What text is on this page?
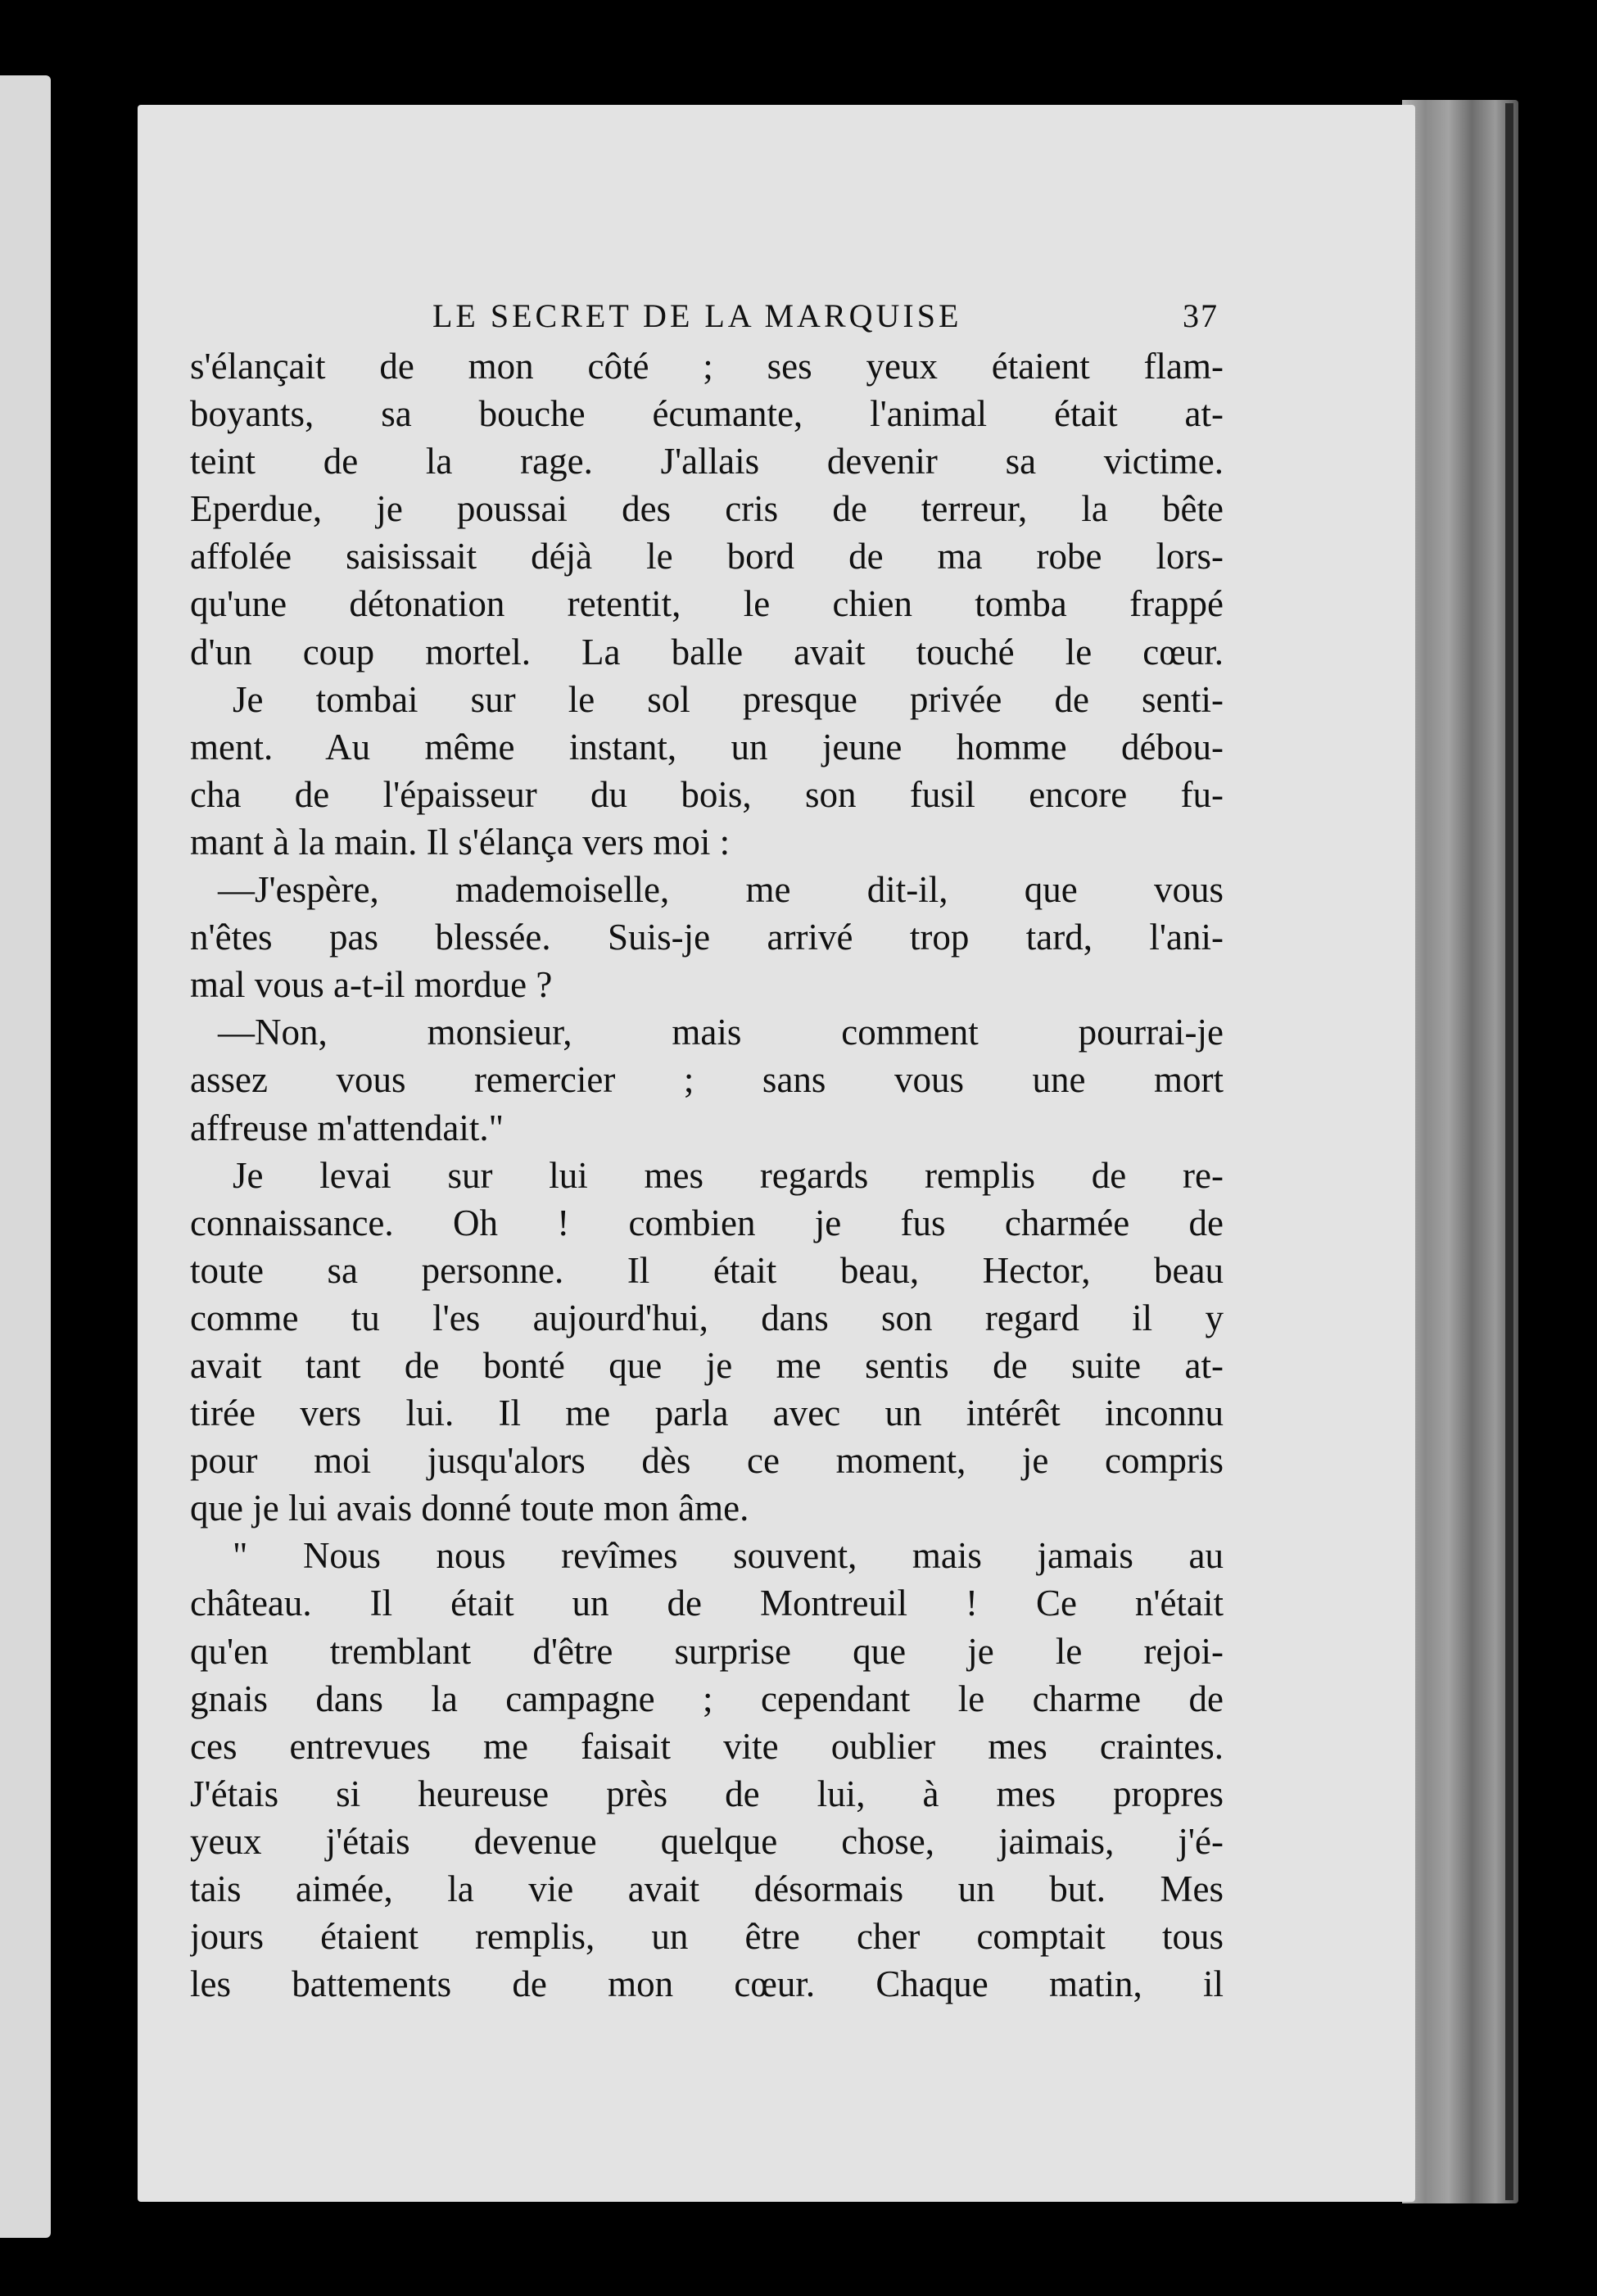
LE SECRET DE LA MARQUISE	37
s'élançait de mon côté ; ses yeux étaient flam-
boyants, sa bouche écumante, l'animal était at-
teint de la rage. J'allais devenir sa victime.
Eperdue, je poussai des cris de terreur, la bête
affolée saisissait déjà le bord de ma robe lors-
qu'une détonation retentit, le chien tomba frappé
d'un coup mortel. La balle avait touché le cœur.
Je tombai sur le sol presque privée de senti-
ment. Au même instant, un jeune homme débou-
cha de l'épaisseur du bois, son fusil encore fu-
mant à la main. Il s'élança vers moi :
—J'espère, mademoiselle, me dit-il, que vous
n'êtes pas blessée. Suis-je arrivé trop tard, l'ani-
mal vous a-t-il mordue ?
—Non, monsieur, mais comment pourrai-je
assez vous remercier ; sans vous une mort
affreuse m'attendait."
Je levai sur lui mes regards remplis de re-
connaissance. Oh ! combien je fus charmée de
toute sa personne. Il était beau, Hector, beau
comme tu l'es aujourd'hui, dans son regard il y
avait tant de bonté que je me sentis de suite at-
tirée vers lui. Il me parla avec un intérêt inconnu
pour moi jusqu'alors dès ce moment, je compris
que je lui avais donné toute mon âme.
" Nous nous revîmes souvent, mais jamais au
château. Il était un de Montreuil ! Ce n'était
qu'en tremblant d'être surprise que je le rejoi-
gnais dans la campagne ; cependant le charme de
ces entrevues me faisait vite oublier mes craintes.
J'étais si heureuse près de lui, à mes propres
yeux j'étais devenue quelque chose, jaimais, j'é-
tais aimée, la vie avait désormais un but. Mes
jours étaient remplis, un être cher comptait tous
les battements de mon cœur. Chaque matin, il
